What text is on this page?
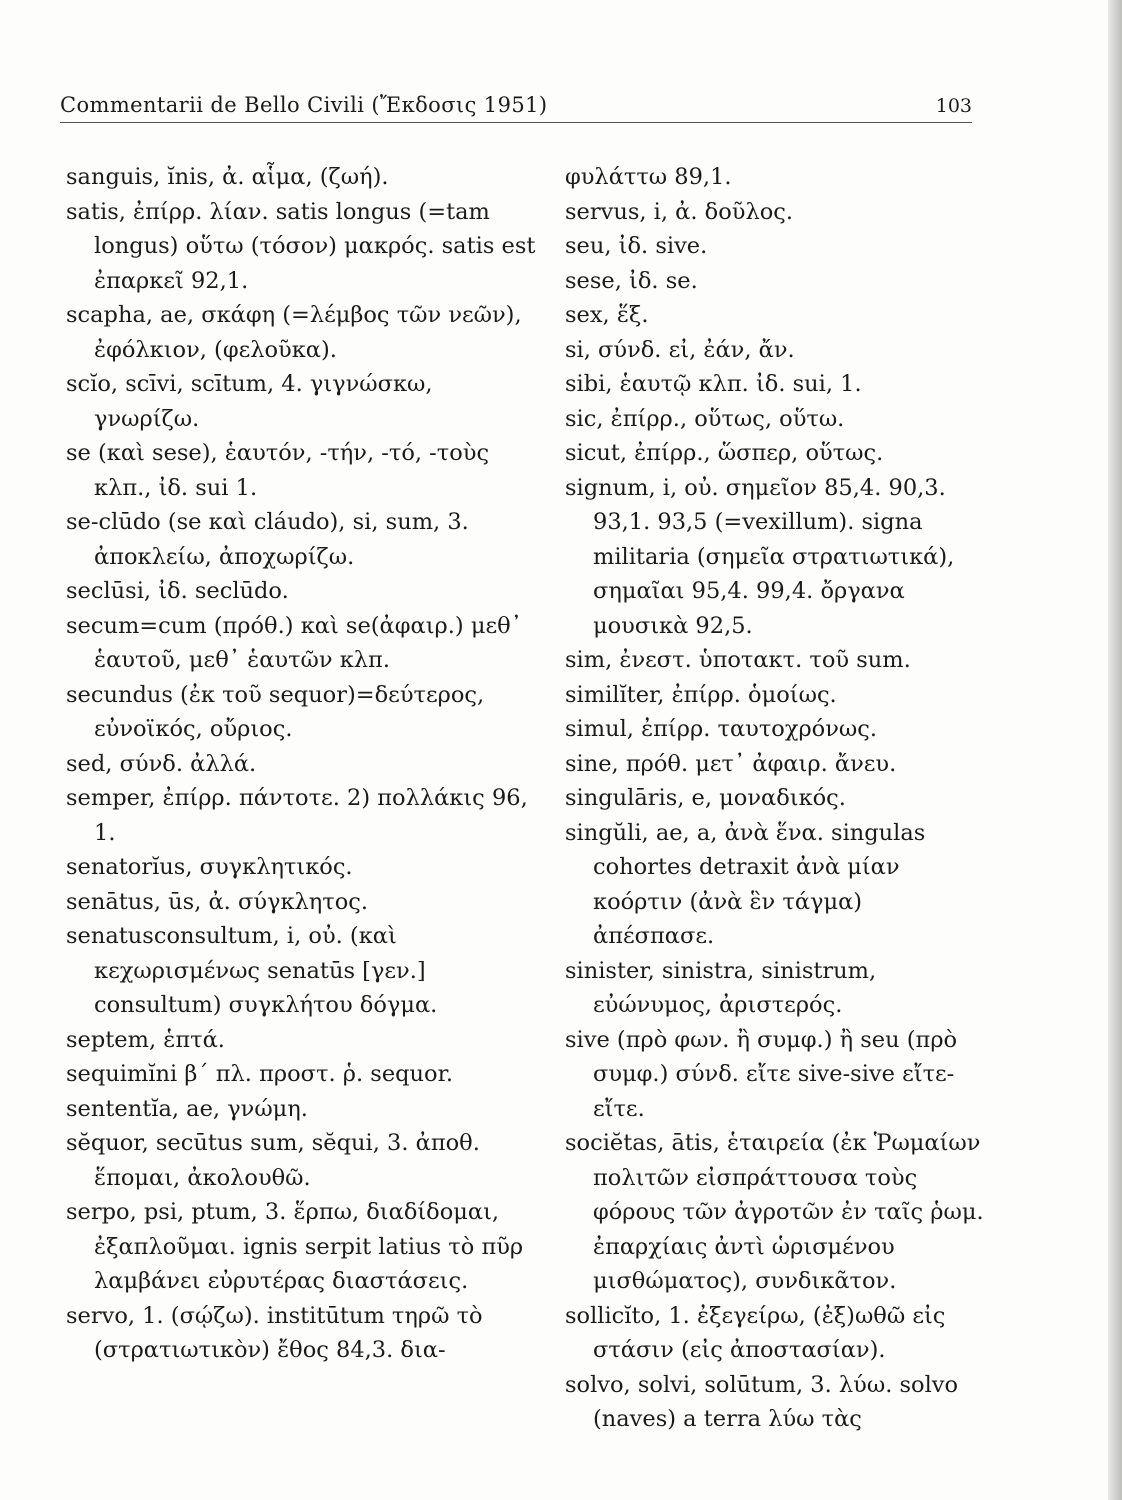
Commentarii de Bello Civili (Ἔκδοσις 1951)	103

sanguis, ĭnis, ἀ. αἷμα, (ζωή).

satis, ἐπίρρ. λίαν. satis longus (=tam longus) οὕτω (τόσον) μακρός. satis est ἐπαρκεῖ 92,1.

scapha, ae, σκάφη (=λέμβος τῶν νεῶν), ἐφόλκιον, (φελοῦκα).

scĭo, scīvi, scītum, 4. γιγνώσκω, γνωρίζω.

se (καὶ sese), ἑαυτόν, -τήν, -τό, -τοὺς κλπ., ἰδ. sui 1.

se-clūdo (se καὶ cláudo), si, sum, 3. ἀποκλείω, ἀποχωρίζω.

seclūsi, ἰδ. seclūdo.

secum=cum (πρόθ.) καὶ se(ἀφαιρ.) μεθ᾽ ἑαυτοῦ, μεθ᾽ ἑαυτῶν κλπ.

secundus (ἐκ τοῦ sequor)=δεύτερος, εὐνοϊκός, οὔριος.

sed, σύνδ. ἀλλά.

semper, ἐπίρρ. πάντοτε. 2) πολλάκις 96, 1.

senatorĭus, συγκλητικός.

senātus, ūs, ἀ. σύγκλητος.

senatusconsultum, i, οὐ. (καὶ κεχωρισμένως senatūs [γεν.] consultum) συγκλήτου δόγμα.

septem, ἑπτά.

sequimĭni β΄ πλ. προστ. ῥ. sequor.

sententĭa, ae, γνώμη.

sĕquor, secūtus sum, sĕqui, 3. ἀποθ. ἕπομαι, ἀκολουθῶ.

serpo, psi, ptum, 3. ἕρπω, διαδίδομαι, ἐξαπλοῦμαι. ignis serpit latius τὸ πῦρ λαμβάνει εὐρυτέρας διαστάσεις.

servo, 1. (σῴζω). institūtum τηρῶ τὸ (στρατιωτικὸν) ἔθος 84,3. δια-

φυλάττω 89,1.

servus, i, ἀ. δοῦλος.

seu, ἰδ. sive.

sese, ἰδ. se.

sex, ἕξ.

si, σύνδ. εἰ, ἐάν, ἄν.

sibi, ἑαυτῷ κλπ. ἰδ. sui, 1.

sic, ἐπίρρ., οὕτως, οὕτω.

sicut, ἐπίρρ., ὥσπερ, οὕτως.

signum, i, οὐ. σημεῖον 85,4. 90,3. 93,1. 93,5 (=vexillum). signa militaria (σημεῖα στρατιωτικά), σημαῖαι 95,4. 99,4. ὄργανα μουσικὰ 92,5.

sim, ἐνεστ. ὑποτακτ. τοῦ sum.

similĭter, ἐπίρρ. ὁμοίως.

simul, ἐπίρρ. ταυτοχρόνως.

sine, πρόθ. μετ᾽ ἀφαιρ. ἄνευ.

singulāris, e, μοναδικός.

singŭli, ae, a, ἀνὰ ἕνα. singulas cohortes detraxit ἀνὰ μίαν κοόρτιν (ἀνὰ ἓν τάγμα) ἀπέσπασε.

sinister, sinistra, sinistrum, εὐώνυμος, ἀριστερός.

sive (πρὸ φων. ἢ συμφ.) ἢ seu (πρὸ συμφ.) σύνδ. εἴτε sive-sive εἴτε-εἴτε.

sociĕtas, ātis, ἑταιρεία (ἐκ Ῥωμαίων πολιτῶν εἰσπράττουσα τοὺς φόρους τῶν ἀγροτῶν ἐν ταῖς ῥωμ. ἐπαρχίαις ἀντὶ ὡρισμένου μισθώματος), συνδικᾶτον.

sollicĭto, 1. ἐξεγείρω, (ἐξ)ωθῶ εἰς στάσιν (εἰς ἀποστασίαν).

solvo, solvi, solūtum, 3. λύω. solvo (naves) a terra λύω τὰς
